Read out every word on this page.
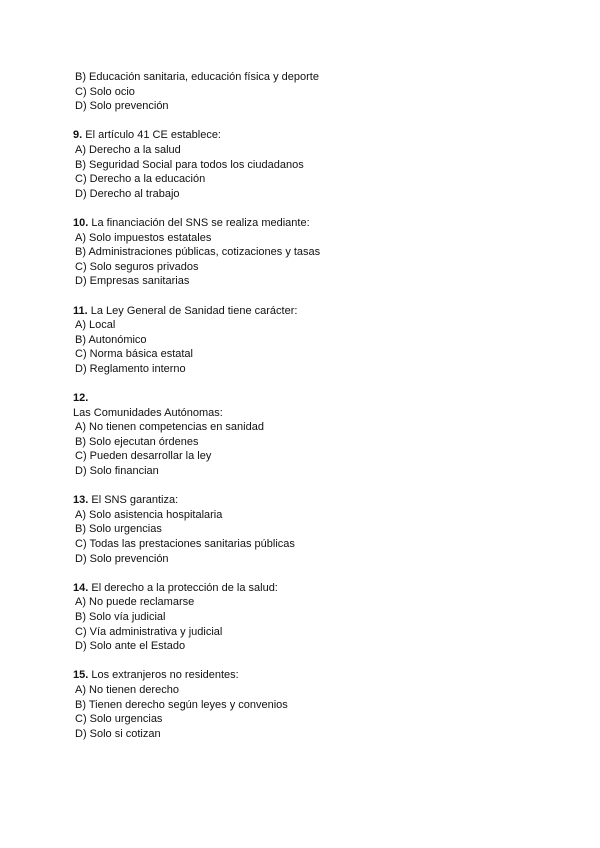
B) Educación sanitaria, educación física y deporte
C) Solo ocio
D) Solo prevención
9. El artículo 41 CE establece:
A) Derecho a la salud
B) Seguridad Social para todos los ciudadanos
C) Derecho a la educación
D) Derecho al trabajo
10. La financiación del SNS se realiza mediante:
A) Solo impuestos estatales
B) Administraciones públicas, cotizaciones y tasas
C) Solo seguros privados
D) Empresas sanitarias
11. La Ley General de Sanidad tiene carácter:
A) Local
B) Autonómico
C) Norma básica estatal
D) Reglamento interno
12.
Las Comunidades Autónomas:
A) No tienen competencias en sanidad
B) Solo ejecutan órdenes
C) Pueden desarrollar la ley
D) Solo financian
13. El SNS garantiza:
A) Solo asistencia hospitalaria
B) Solo urgencias
C) Todas las prestaciones sanitarias públicas
D) Solo prevención
14. El derecho a la protección de la salud:
A) No puede reclamarse
B) Solo vía judicial
C) Vía administrativa y judicial
D) Solo ante el Estado
15. Los extranjeros no residentes:
A) No tienen derecho
B) Tienen derecho según leyes y convenios
C) Solo urgencias
D) Solo si cotizan
